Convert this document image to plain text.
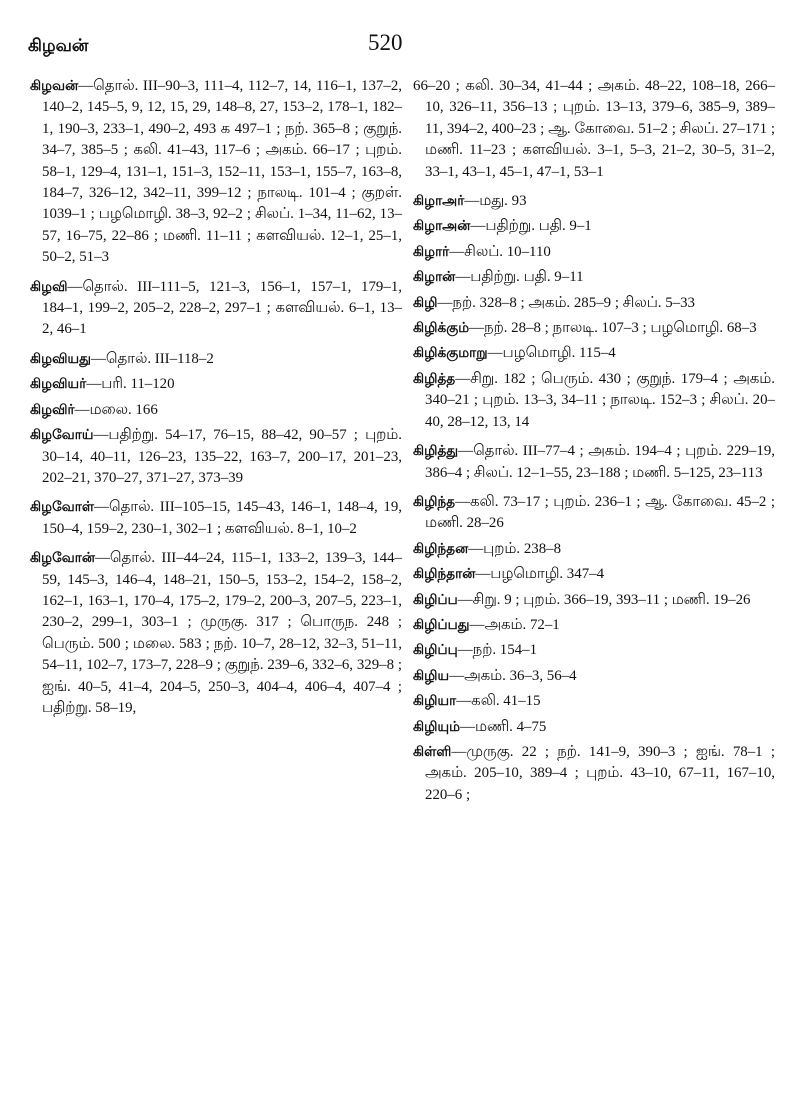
கிழவன்	520
கிழவன்—தொல். III–90–3, 111–4, 112–7, 14, 116–1, 137–2, 140–2, 145–5, 9, 12, 15, 29, 148–8, 27, 153–2, 178–1, 182–1, 190–3, 233–1, 490–2, 493 க 497–1 ; நற். 365–8 ; குறுந். 34–7, 385–5 ; கலி. 41–43, 117–6 ; அகம். 66–17 ; புறம். 58–1, 129–4, 131–1, 151–3, 152–11, 153–1, 155–7, 163–8, 184–7, 326–12, 342–11, 399–12 ; நாலடி. 101–4 ; குறள். 1039–1 ; பழமொழி. 38–3, 92–2 ; சிலப். 1–34, 11–62, 13–57, 16–75, 22–86 ; மணி. 11–11 ; களவியல். 12–1, 25–1, 50–2, 51–3
கிழவி—தொல். III–111–5, 121–3, 156–1, 157–1, 179–1, 184–1, 199–2, 205–2, 228–2, 297–1 ; களவியல். 6–1, 13–2, 46–1
கிழவியது—தொல். III–118–2
கிழவியர்—பரி. 11–120
கிழவிர்—மலை. 166
கிழவோய்—பதிற்று. 54–17, 76–15, 88–42, 90–57 ; புறம். 30–14, 40–11, 126–23, 135–22, 163–7, 200–17, 201–23, 202–21, 370–27, 371–27, 373–39
கிழவோள்—தொல். III–105–15, 145–43, 146–1, 148–4, 19, 150–4, 159–2, 230–1, 302–1 ; களவியல். 8–1, 10–2
கிழவோன்—தொல். III–44–24, 115–1, 133–2, 139–3, 144–59, 145–3, 146–4, 148–21, 150–5, 153–2, 154–2, 158–2, 162–1, 163–1, 170–4, 175–2, 179–2, 200–3, 207–5, 223–1, 230–2, 299–1, 303–1 ; முருகு. 317 ; பொருந. 248 ; பெரும். 500 ; மலை. 583 ; நற். 10–7, 28–12, 32–3, 51–11, 54–11, 102–7, 173–7, 228–9 ; குறுந். 239–6, 332–6, 329–8 ; ஐங். 40–5, 41–4, 204–5, 250–3, 404–4, 406–4, 407–4 ; பதிற்று. 58–19,
66–20 ; கலி. 30–34, 41–44 ; அகம். 48–22, 108–18, 266–10, 326–11, 356–13 ; புறம். 13–13, 379–6, 385–9, 389–11, 394–2, 400–23 ; ஆ. கோவை. 51–2 ; சிலப். 27–171 ; மணி. 11–23 ; களவியல். 3–1, 5–3, 21–2, 30–5, 31–2, 33–1, 43–1, 45–1, 47–1, 53–1
கிழாஅர்—மது. 93
கிழாஅன்—பதிற்று. பதி. 9–1
கிழார்—சிலப். 10–110
கிழான்—பதிற்று. பதி. 9–11
கிழி—நற். 328–8 ; அகம். 285–9 ; சிலப். 5–33
கிழிக்கும்—நற். 28–8 ; நாலடி. 107–3 ; பழமொழி. 68–3
கிழிக்குமாறு—பழமொழி. 115–4
கிழித்த—சிறு. 182 ; பெரும். 430 ; குறுந். 179–4 ; அகம். 340–21 ; புறம். 13–3, 34–11 ; நாலடி. 152–3 ; சிலப். 20–40, 28–12, 13, 14
கிழித்து—தொல். III–77–4 ; அகம். 194–4 ; புறம். 229–19, 386–4 ; சிலப். 12–1–55, 23–188 ; மணி. 5–125, 23–113
கிழிந்த—கலி. 73–17 ; புறம். 236–1 ; ஆ. கோவை. 45–2 ; மணி. 28–26
கிழிந்தன—புறம். 238–8
கிழிந்தான்—பழமொழி. 347–4
கிழிப்ப—சிறு. 9 ; புறம். 366–19, 393–11 ; மணி. 19–26
கிழிப்பது—அகம். 72–1
கிழிப்பு—நற். 154–1
கிழிய—அகம். 36–3, 56–4
கிழியா—கலி. 41–15
கிழியும்—மணி. 4–75
கிள்ளி—முருகு. 22 ; நற். 141–9, 390–3 ; ஐங். 78–1 ; அகம். 205–10, 389–4 ; புறம். 43–10, 67–11, 167–10, 220–6 ;
